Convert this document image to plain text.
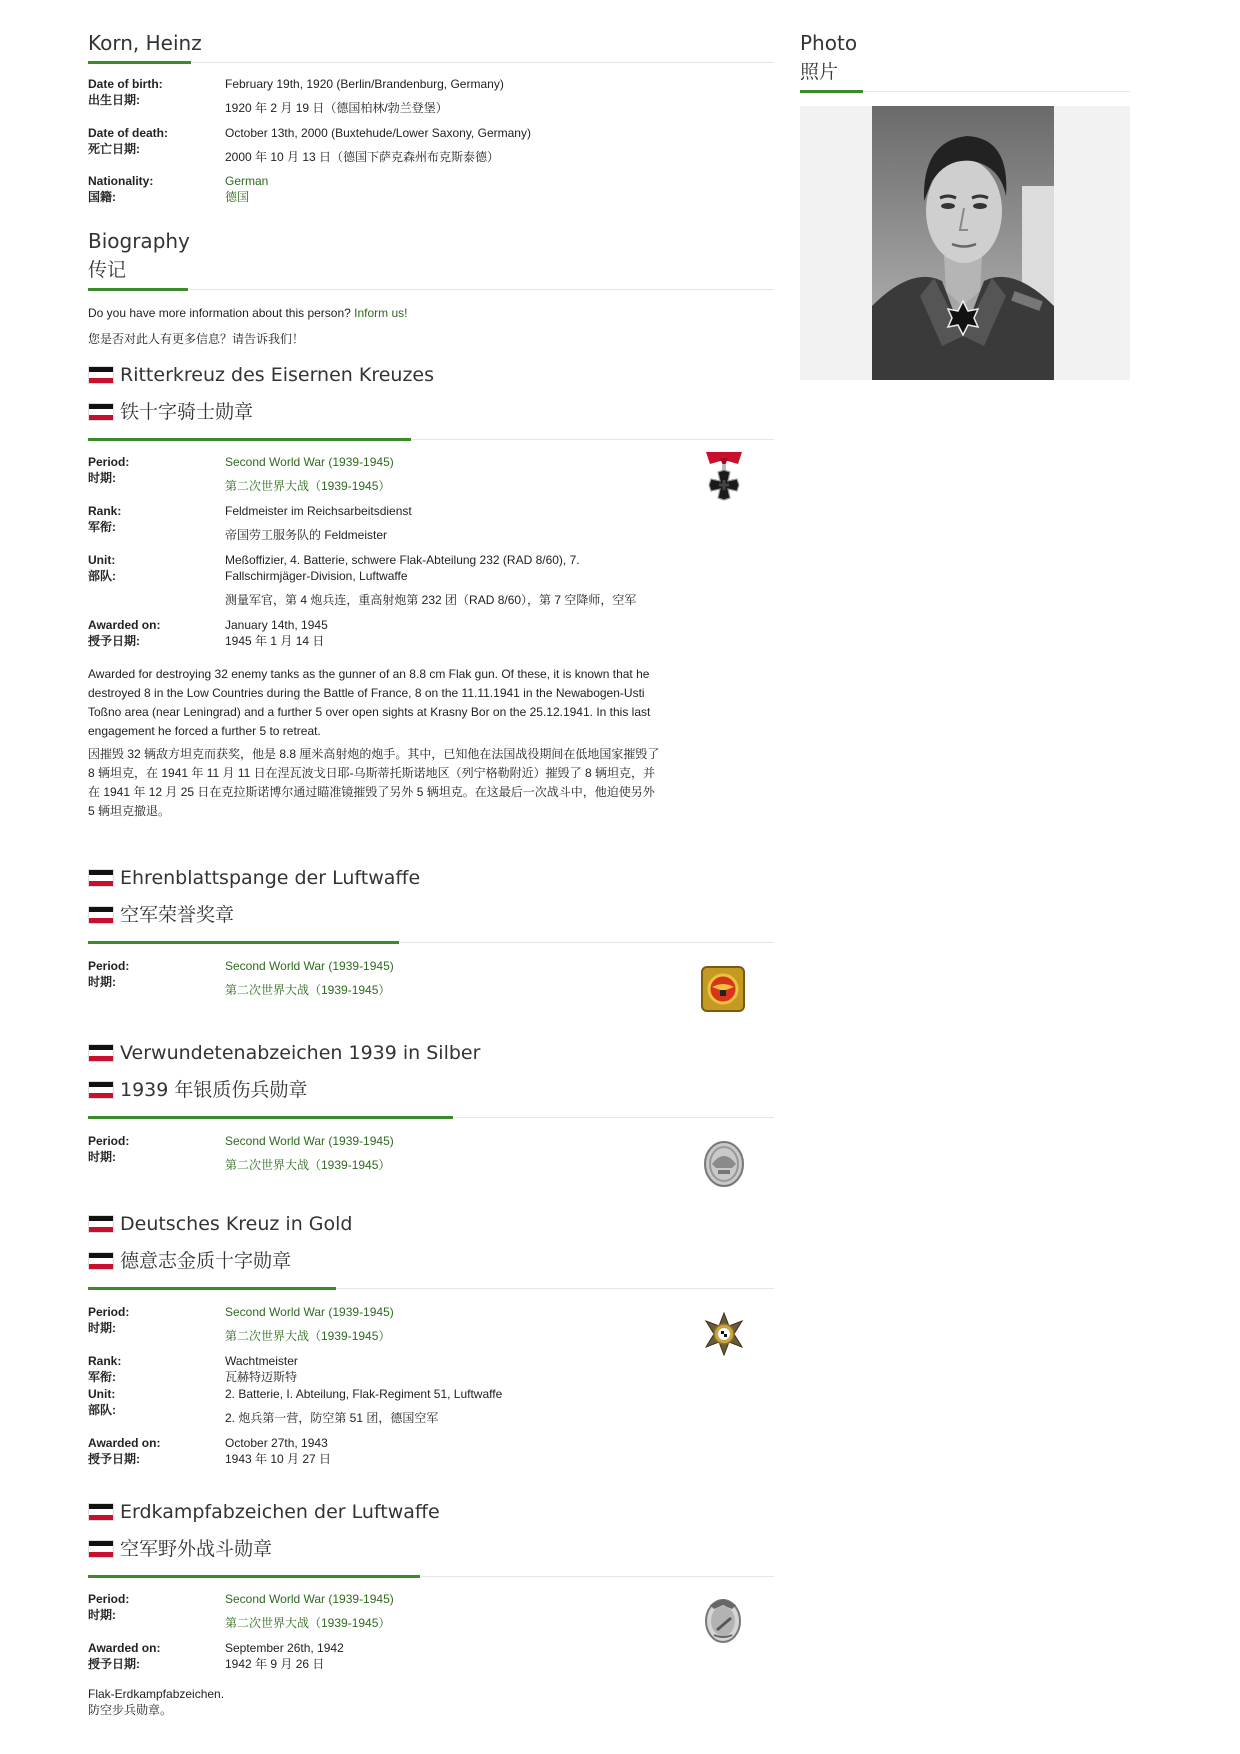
Korn, Heinz
Date of birth:
出生日期:
February 19th, 1920 (Berlin/Brandenburg, Germany)
1920 年 2 月 19 日（德国柏林/勃兰登堡）
Date of death:
死亡日期:
October 13th, 2000 (Buxtehude/Lower Saxony, Germany)
2000 年 10 月 13 日（德国下萨克森州布克斯泰德）
Nationality:
国籍:
German
德国
Biography
传记
Do you have more information about this person? Inform us!
您是否对此人有更多信息？请告诉我们！
Ritterkreuz des Eisernen Kreuzes
铁十字骑士勋章
Period:
时期:
Second World War (1939-1945)
第二次世界大战（1939-1945）
Rank:
军衔:
Feldmeister im Reichsarbeitsdienst
帝国劳工服务队的 Feldmeister
Unit:
部队:
Meßoffizier, 4. Batterie, schwere Flak-Abteilung 232 (RAD 8/60), 7.
Fallschirmjäger-Division, Luftwaffe
测量军官，第 4 炮兵连，重高射炮第 232 团（RAD 8/60），第 7 空降师，空军
Awarded on:
授予日期:
January 14th, 1945
1945 年 1 月 14 日
Awarded for destroying 32 enemy tanks as the gunner of an 8.8 cm Flak gun. Of these, it is known that he
destroyed 8 in the Low Countries during the Battle of France, 8 on the 11.11.1941 in the Newabogen-Usti
Toßno area (near Leningrad) and a further 5 over open sights at Krasny Bor on the 25.12.1941. In this last
engagement he forced a further 5 to retreat.
因摧毁 32 辆敌方坦克而获奖，他是 8.8 厘米高射炮的炮手。其中，已知他在法国战役期间在低地国家摧毁了
8 辆坦克，在 1941 年 11 月 11 日在涅瓦波戈日耶-乌斯蒂托斯诺地区（列宁格勒附近）摧毁了 8 辆坦克，并
在 1941 年 12 月 25 日在克拉斯诺博尔通过瞄准镜摧毁了另外 5 辆坦克。在这最后一次战斗中，他迫使另外
5 辆坦克撤退。
Ehrenblattspange der Luftwaffe
空军荣誉奖章
Period:
时期:
Second World War (1939-1945)
第二次世界大战（1939-1945）
Verwundetenabzeichen 1939 in Silber
1939 年银质伤兵勋章
Period:
时期:
Second World War (1939-1945)
第二次世界大战（1939-1945）
Deutsches Kreuz in Gold
德意志金质十字勋章
Period:
时期:
Second World War (1939-1945)
第二次世界大战（1939-1945）
Rank:
军衔:
Wachtmeister
瓦赫特迈斯特
Unit:
部队:
2. Batterie, I. Abteilung, Flak-Regiment 51, Luftwaffe
2. 炮兵第一营，防空第 51 团，德国空军
Awarded on:
授予日期:
October 27th, 1943
1943 年 10 月 27 日
Erdkampfabzeichen der Luftwaffe
空军野外战斗勋章
Period:
时期:
Second World War (1939-1945)
第二次世界大战（1939-1945）
Awarded on:
授予日期:
September 26th, 1942
1942 年 9 月 26 日
Flak-Erdkampfabzeichen.
防空步兵勋章。
Photo
照片
